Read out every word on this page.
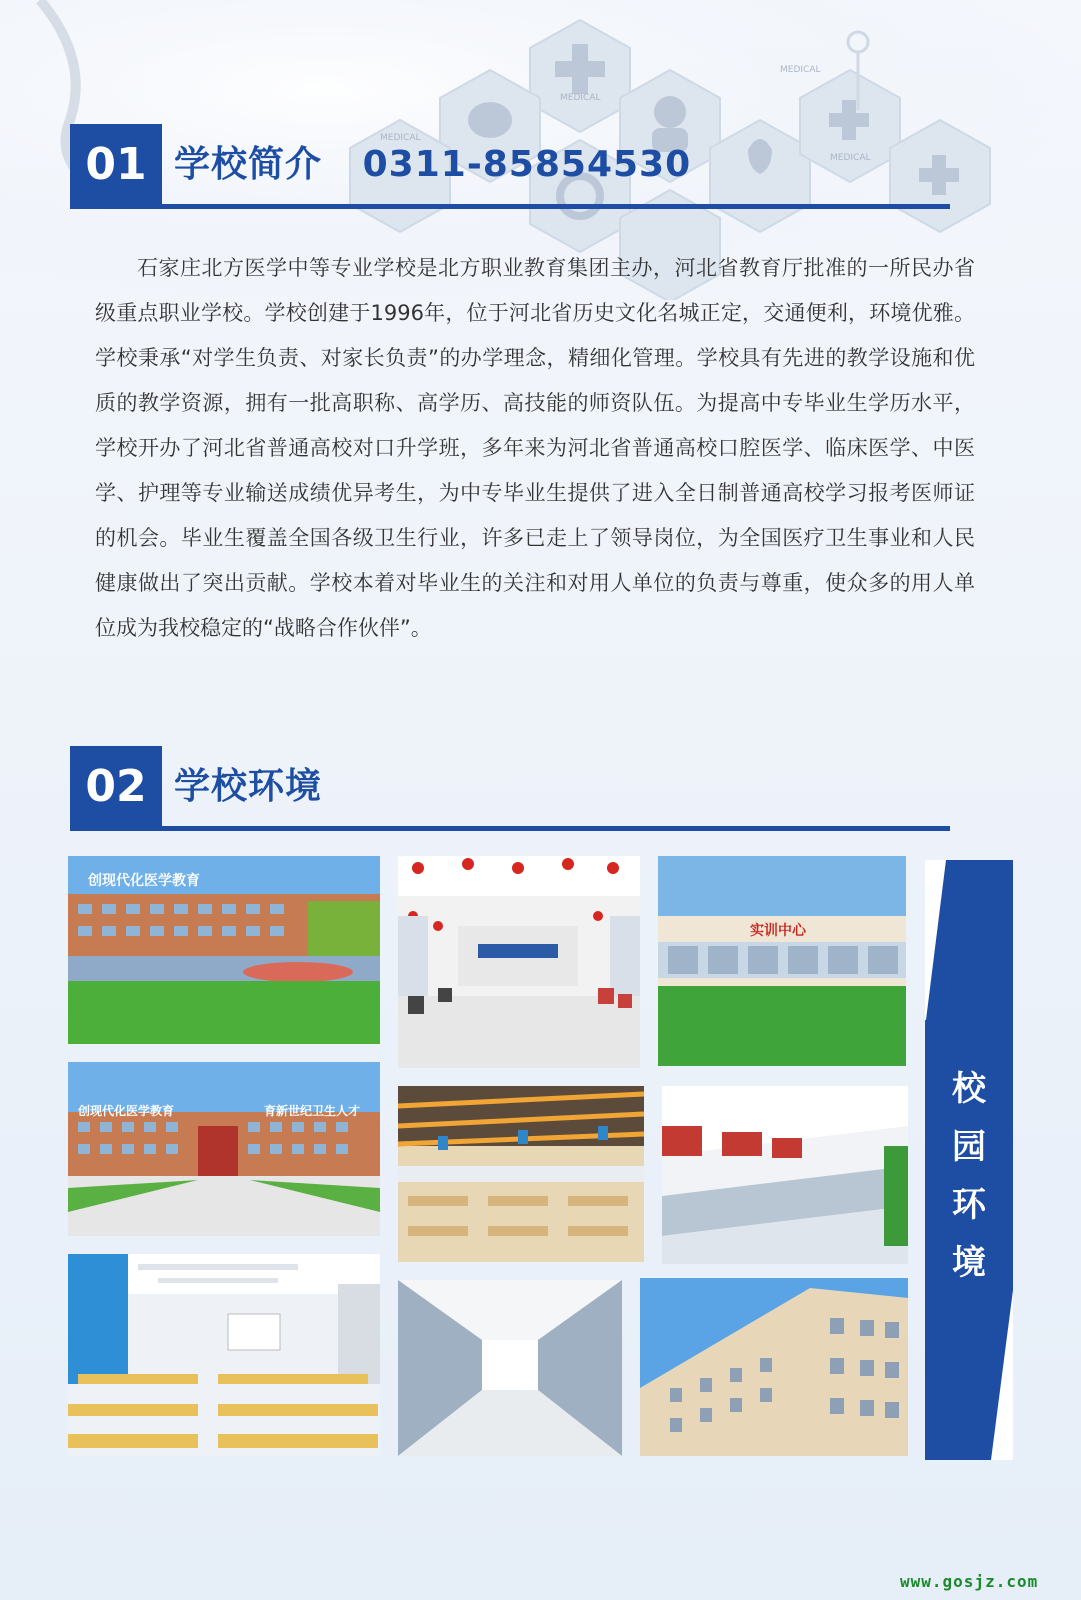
MEDICAL
MEDICAL
MEDICAL
MEDICAL
01 学校简介 0311-85854530

石家庄北方医学中等专业学校是北方职业教育集团主办，河北省教育厅批准的一所民办省级重点职业学校。学校创建于1996年，位于河北省历史文化名城正定，交通便利，环境优雅。学校秉承“对学生负责、对家长负责”的办学理念，精细化管理。学校具有先进的教学设施和优质的教学资源，拥有一批高职称、高学历、高技能的师资队伍。为提高中专毕业生学历水平，学校开办了河北省普通高校对口升学班，多年来为河北省普通高校口腔医学、临床医学、中医学、护理等专业输送成绩优异考生，为中专毕业生提供了进入全日制普通高校学习报考医师证的机会。毕业生覆盖全国各级卫生行业，许多已走上了领导岗位，为全国医疗卫生事业和人民健康做出了突出贡献。学校本着对毕业生的关注和对用人单位的负责与尊重，使众多的用人单位成为我校稳定的“战略合作伙伴”。

02 学校环境
创现代化医学教育
实训中心
创现代化医学教育	育新世纪卫生人才
校
园
环
境
www.gosjz.com
